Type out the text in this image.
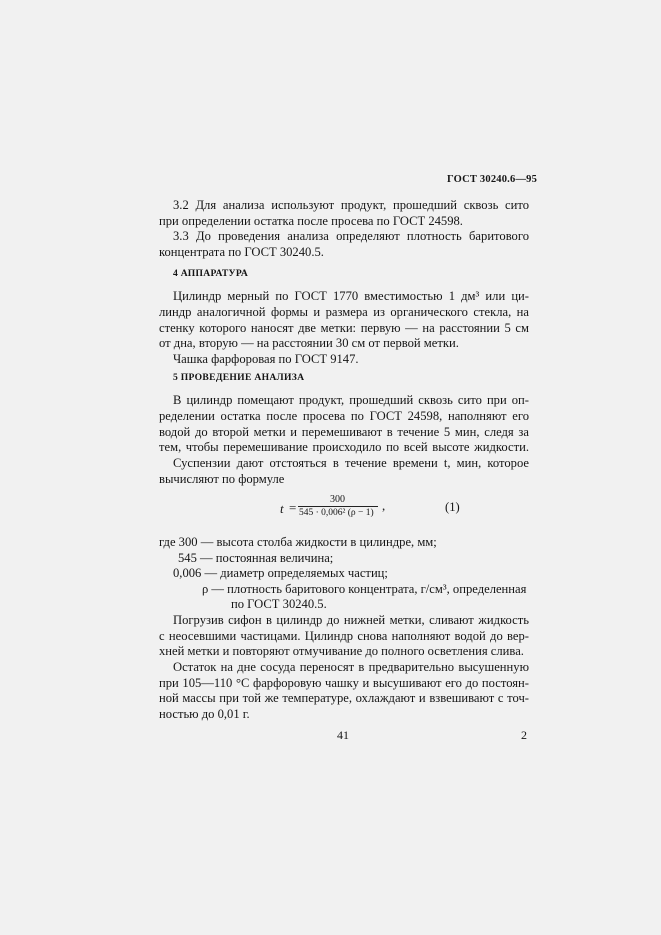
ГОСТ 30240.6—95
3.2 Для анализа используют продукт, прошедший сквозь сито
при определении остатка после просева по ГОСТ 24598.
3.3 До проведения анализа определяют плотность баритового
концентрата по ГОСТ 30240.5.
4 АППАРАТУРА
Цилиндр мерный по ГОСТ 1770 вместимостью 1 дм³ или ци-
линдр аналогичной формы и размера из органического стекла, на
стенку которого наносят две метки: первую — на расстоянии 5 см
от дна, вторую — на расстоянии 30 см от первой метки.
Чашка фарфоровая по ГОСТ 9147.
5 ПРОВЕДЕНИЕ АНАЛИЗА
В цилиндр помещают продукт, прошедший сквозь сито при оп-
ределении остатка после просева по ГОСТ 24598, наполняют его
водой до второй метки и перемешивают в течение 5 мин, следя за
тем, чтобы перемешивание происходило по всей высоте жидкости.
Суспензии дают отстояться в течение времени t, мин, которое
вычисляют по формуле
t =
300
545 · 0,006² (ρ − 1) ,	(1)
где 300 — высота столба жидкости в цилиндре, мм;
545 — постоянная величина;
0,006 — диаметр определяемых частиц;
ρ — плотность баритового концентрата, г/см³, определенная
по ГОСТ 30240.5.
Погрузив сифон в цилиндр до нижней метки, сливают жидкость
с неосевшими частицами. Цилиндр снова наполняют водой до вер-
хней метки и повторяют отмучивание до полного осветления слива.
Остаток на дне сосуда переносят в предварительно высушенную
при 105—110 °С фарфоровую чашку и высушивают его до постоян-
ной массы при той же температуре, охлаждают и взвешивают с точ-
ностью до 0,01 г.
41	2
